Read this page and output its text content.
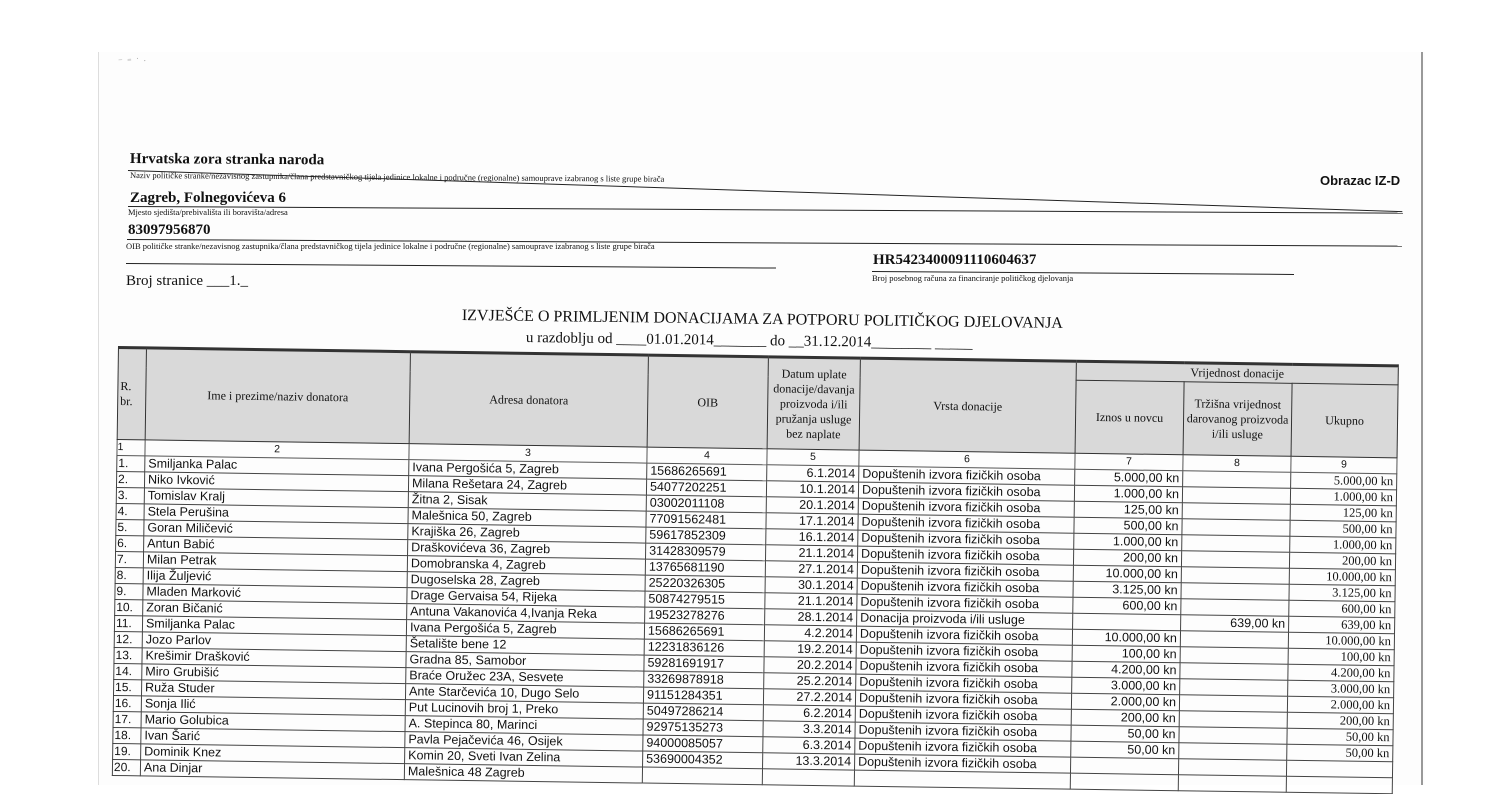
⁻ ⁼ ˙ ·
Obrazac IZ-D
Hrvatska zora stranka naroda
Naziv političke stranke/nezavisnog zastupnika/člana predstavničkog tijela jedinice lokalne i područne (regionalne) samouprave izabranog s liste grupe birača
Zagreb, Folnegovićeva 6
Mjesto sjedišta/prebivališta ili boravišta/adresa
83097956870
OIB političke stranke/nezavisnog zastupnika/člana predstavničkog tijela jedinice lokalne i područne (regionalne) samouprave izabranog s liste grupe birača
Broj stranice ___1._
HR5423400091110604637
Broj posebnog računa za financiranje političkog djelovanja
IZVJEŠĆE O PRIMLJENIM DONACIJAMA ZA POTPORU POLITIČKOG DJELOVANJA
u razdoblju od ____01.01.2014_______ do __31.12.2014________ _____
R. br.	Ime i prezime/naziv donatora	Adresa donatora	OIB	Datum uplate donacije/davanja proizvoda i/ili pružanja usluge bez naplate	Vrsta donacije	Vrijednost donacije		
						Iznos u novcu	Tržišna vrijednost darovanog proizvoda i/ili usluge	Ukupno
1	2	3	4	5	6	7	8	9
1.	Smiljanka Palac	Ivana Pergošića 5, Zagreb	15686265691	6.1.2014	Dopuštenih izvora fizičkih osoba	5.000,00 kn		5.000,00 kn
2.	Niko Ivković	Milana Rešetara 24, Zagreb	54077202251	10.1.2014	Dopuštenih izvora fizičkih osoba	1.000,00 kn		1.000,00 kn
3.	Tomislav Kralj	Žitna 2, Sisak	03002011108	20.1.2014	Dopuštenih izvora fizičkih osoba	125,00 kn		125,00 kn
4.	Stela Perušina	Malešnica 50, Zagreb	77091562481	17.1.2014	Dopuštenih izvora fizičkih osoba	500,00 kn		500,00 kn
5.	Goran Miličević	Krajiška 26, Zagreb	59617852309	16.1.2014	Dopuštenih izvora fizičkih osoba	1.000,00 kn		1.000,00 kn
6.	Antun Babić	Draškovićeva 36, Zagreb	31428309579	21.1.2014	Dopuštenih izvora fizičkih osoba	200,00 kn		200,00 kn
7.	Milan Petrak	Domobranska 4, Zagreb	13765681190	27.1.2014	Dopuštenih izvora fizičkih osoba	10.000,00 kn		10.000,00 kn
8.	Ilija Žuljević	Dugoselska 28, Zagreb	25220326305	30.1.2014	Dopuštenih izvora fizičkih osoba	3.125,00 kn		3.125,00 kn
9.	Mladen Marković	Drage Gervaisa 54, Rijeka	50874279515	21.1.2014	Dopuštenih izvora fizičkih osoba	600,00 kn		600,00 kn
10.	Zoran Bičanić	Antuna Vakanovića 4,Ivanja Reka	19523278276	28.1.2014	Donacija proizvoda i/ili usluge		639,00 kn	639,00 kn
11.	Smiljanka Palac	Ivana Pergošića 5, Zagreb	15686265691	4.2.2014	Dopuštenih izvora fizičkih osoba	10.000,00 kn		10.000,00 kn
12.	Jozo Parlov	Šetalište bene 12	12231836126	19.2.2014	Dopuštenih izvora fizičkih osoba	100,00 kn		100,00 kn
13.	Krešimir Drašković	Gradna 85, Samobor	59281691917	20.2.2014	Dopuštenih izvora fizičkih osoba	4.200,00 kn		4.200,00 kn
14.	Miro Grubišić	Braće Oružec 23A, Sesvete	33269878918	25.2.2014	Dopuštenih izvora fizičkih osoba	3.000,00 kn		3.000,00 kn
15.	Ruža Studer	Ante Starčevića 10, Dugo Selo	91151284351	27.2.2014	Dopuštenih izvora fizičkih osoba	2.000,00 kn		2.000,00 kn
16.	Sonja Ilić	Put Lucinovih broj 1, Preko	50497286214	6.2.2014	Dopuštenih izvora fizičkih osoba	200,00 kn		200,00 kn
17.	Mario Golubica	A. Stepinca 80, Marinci	92975135273	3.3.2014	Dopuštenih izvora fizičkih osoba	50,00 kn		50,00 kn
18.	Ivan Šarić	Pavla Pejačevića 46, Osijek	94000085057	6.3.2014	Dopuštenih izvora fizičkih osoba	50,00 kn		50,00 kn
19.	Dominik Knez	Komin 20, Sveti Ivan Zelina	53690004352	13.3.2014	Dopuštenih izvora fizičkih osoba			
20.	Ana Dinjar	Malešnica 48 Zagreb						
